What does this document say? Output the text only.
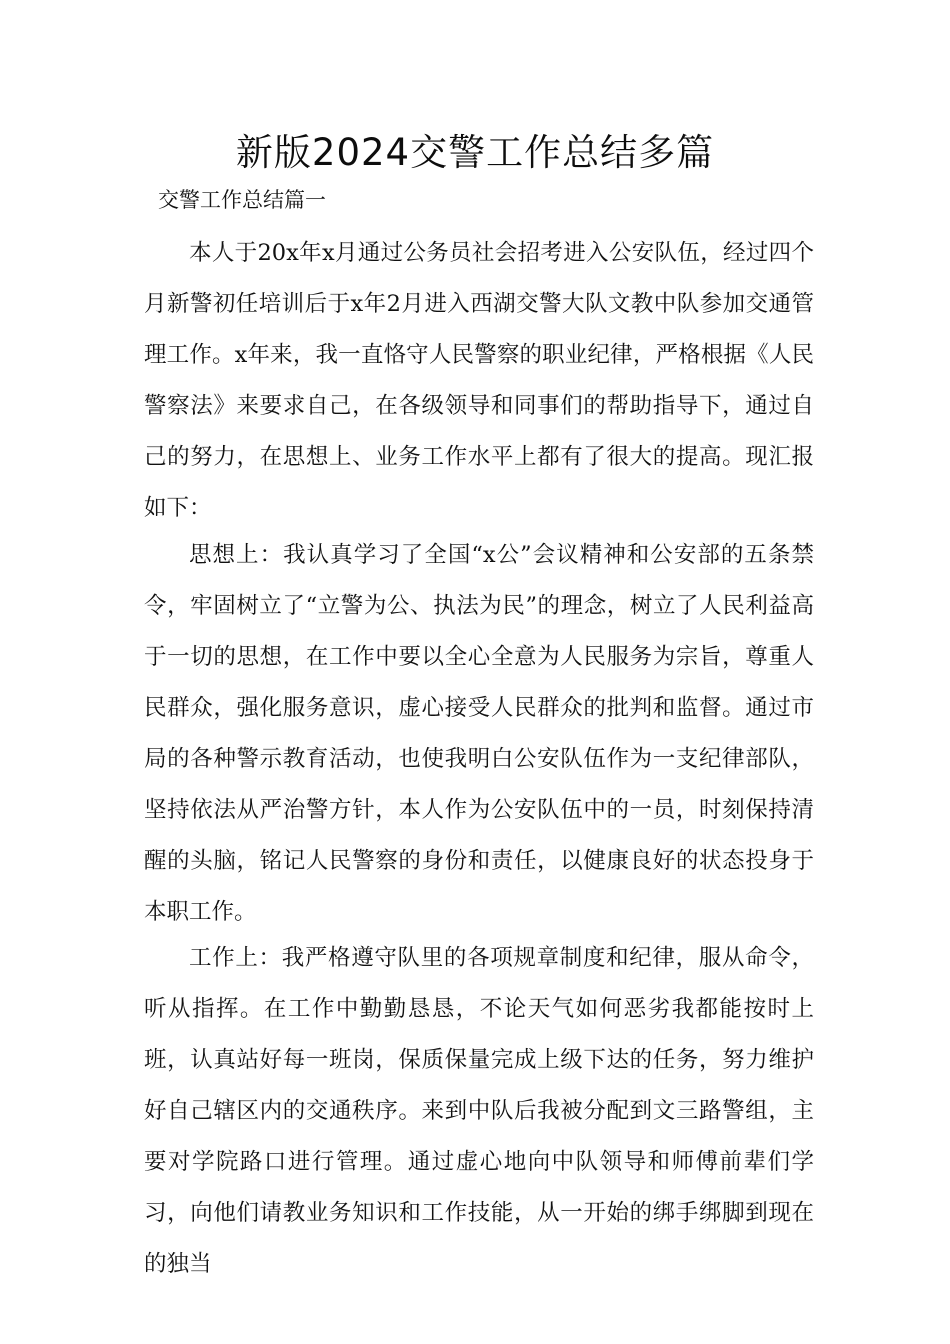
新版2024交警工作总结多篇
交警工作总结篇一

本人于20x年x月通过公务员社会招考进入公安队伍，经过四个月新警初任培训后于x年2月进入西湖交警大队文教中队参加交通管理工作。x年来，我一直恪守人民警察的职业纪律，严格根据《人民警察法》来要求自己，在各级领导和同事们的帮助指导下，通过自己的努力，在思想上、业务工作水平上都有了很大的提高。现汇报如下：

思想上：我认真学习了全国“x公”会议精神和公安部的五条禁令，牢固树立了“立警为公、执法为民”的理念，树立了人民利益高于一切的思想，在工作中要以全心全意为人民服务为宗旨，尊重人民群众，强化服务意识，虚心接受人民群众的批判和监督。通过市局的各种警示教育活动，也使我明白公安队伍作为一支纪律部队，坚持依法从严治警方针，本人作为公安队伍中的一员，时刻保持清醒的头脑，铭记人民警察的身份和责任，以健康良好的状态投身于本职工作。

工作上：我严格遵守队里的各项规章制度和纪律，服从命令，听从指挥。在工作中勤勤恳恳，不论天气如何恶劣我都能按时上班，认真站好每一班岗，保质保量完成上级下达的任务，努力维护好自己辖区内的交通秩序。来到中队后我被分配到文三路警组，主要对学院路口进行管理。通过虚心地向中队领导和师傅前辈们学习，向他们请教业务知识和工作技能，从一开始的绑手绑脚到现在的独当
